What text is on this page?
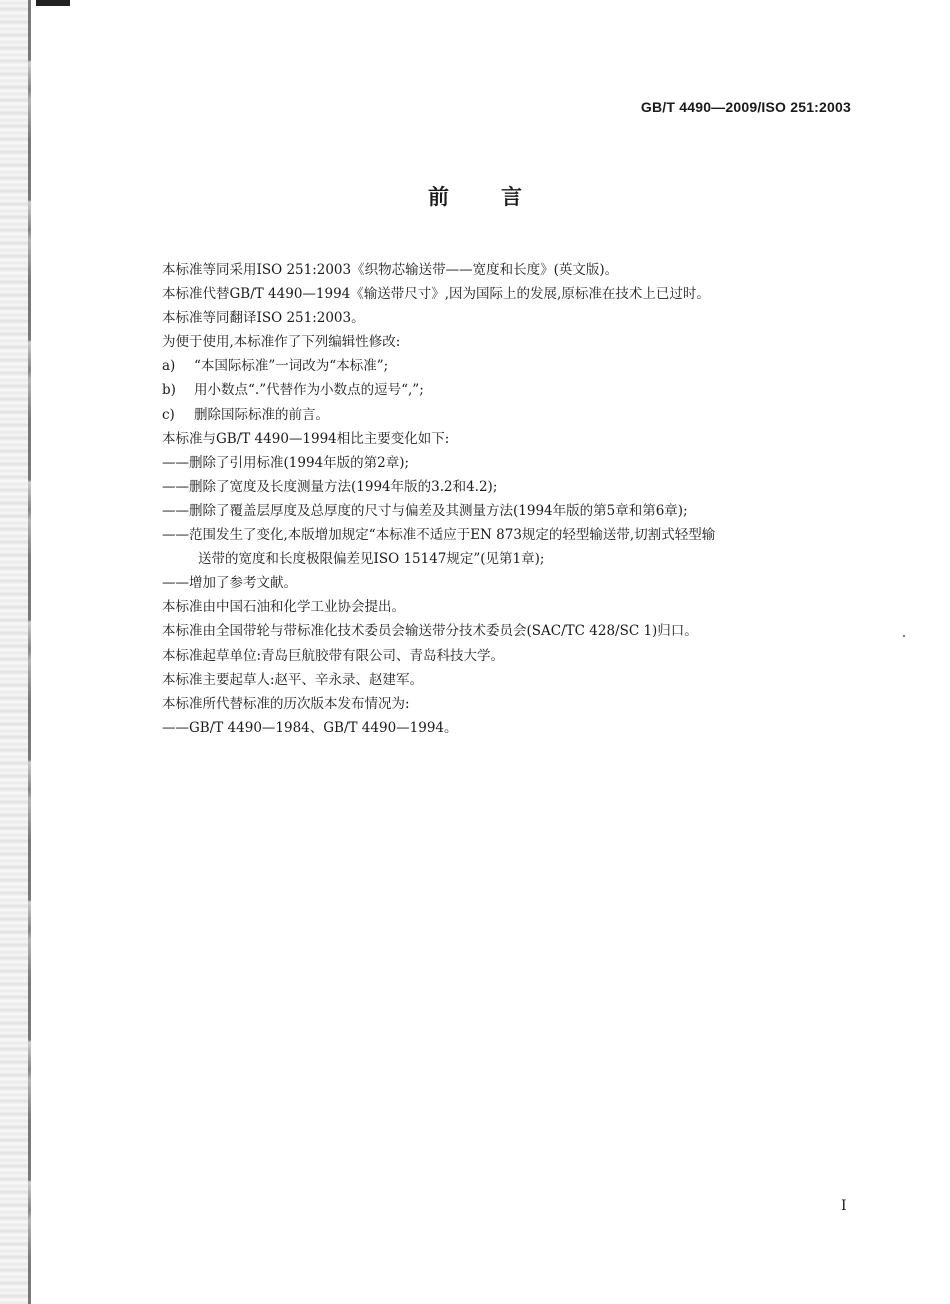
GB/T 4490—2009/ISO 251:2003
前言
本标准等同采用ISO 251:2003《织物芯输送带——宽度和长度》(英文版)。
本标准代替GB/T 4490—1994《输送带尺寸》,因为国际上的发展,原标准在技术上已过时。
本标准等同翻译ISO 251:2003。
为便于使用,本标准作了下列编辑性修改:
a) “本国际标准”一词改为“本标准”;
b) 用小数点“.”代替作为小数点的逗号“,”;
c) 删除国际标准的前言。
本标准与GB/T 4490—1994相比主要变化如下:
——删除了引用标准(1994年版的第2章);
——删除了宽度及长度测量方法(1994年版的3.2和4.2);
——删除了覆盖层厚度及总厚度的尺寸与偏差及其测量方法(1994年版的第5章和第6章);
——范围发生了变化,本版增加规定“本标准不适应于EN 873规定的轻型输送带,切割式轻型输
送带的宽度和长度极限偏差见ISO 15147规定”(见第1章);
——增加了参考文献。
本标准由中国石油和化学工业协会提出。
本标准由全国带轮与带标准化技术委员会输送带分技术委员会(SAC/TC 428/SC 1)归口。
本标准起草单位:青岛巨航胶带有限公司、青岛科技大学。
本标准主要起草人:赵平、辛永录、赵建军。
本标准所代替标准的历次版本发布情况为:
——GB/T 4490—1984、GB/T 4490—1994。
I
